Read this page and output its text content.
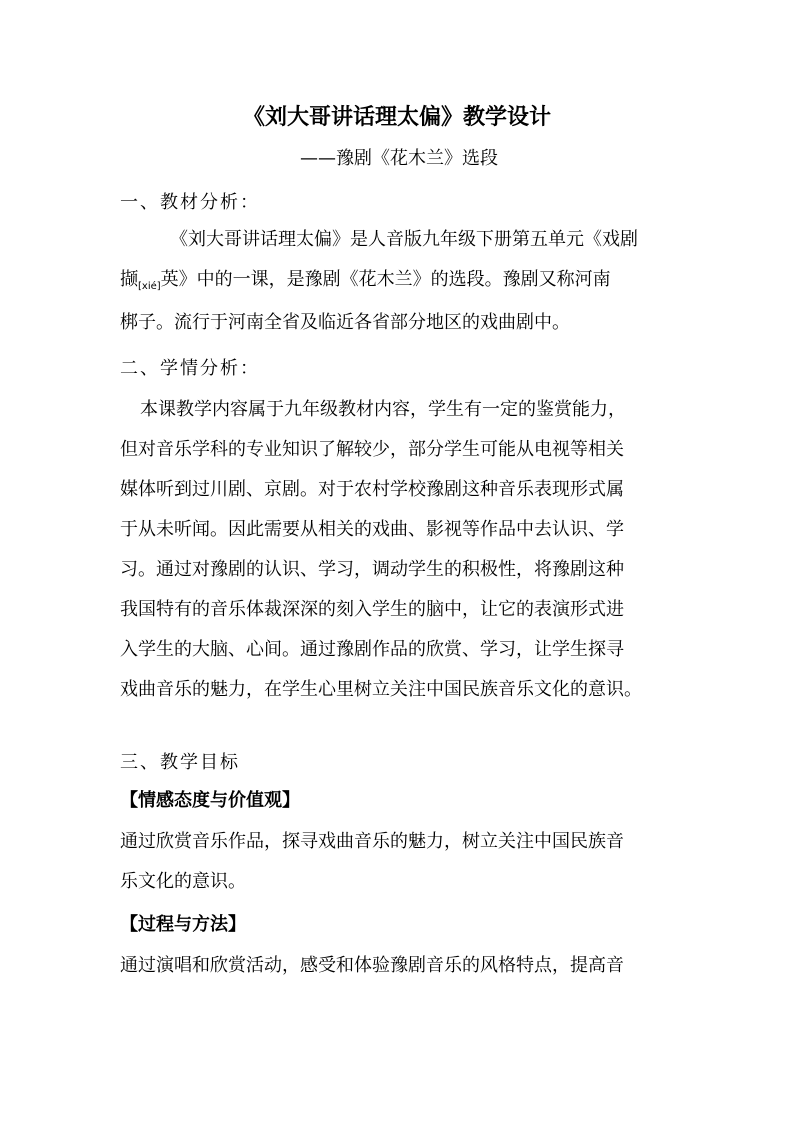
《刘大哥讲话理太偏》教学设计
——豫剧《花木兰》选段
一、教材分析：
《刘大哥讲话理太偏》是人音版九年级下册第五单元《戏剧
撷$_{[xié]}$英》中的一课，是豫剧《花木兰》的选段。豫剧又称河南
梆子。流行于河南全省及临近各省部分地区的戏曲剧中。
二、学情分析：
本课教学内容属于九年级教材内容，学生有一定的鉴赏能力，
但对音乐学科的专业知识了解较少，部分学生可能从电视等相关
媒体听到过川剧、京剧。对于农村学校豫剧这种音乐表现形式属
于从未听闻。因此需要从相关的戏曲、影视等作品中去认识、学
习。通过对豫剧的认识、学习，调动学生的积极性，将豫剧这种
我国特有的音乐体裁深深的刻入学生的脑中，让它的表演形式进
入学生的大脑、心间。通过豫剧作品的欣赏、学习，让学生探寻
戏曲音乐的魅力，在学生心里树立关注中国民族音乐文化的意识。
三、教学目标
【情感态度与价值观】
通过欣赏音乐作品，探寻戏曲音乐的魅力，树立关注中国民族音
乐文化的意识。
【过程与方法】
通过演唱和欣赏活动，感受和体验豫剧音乐的风格特点，提高音
